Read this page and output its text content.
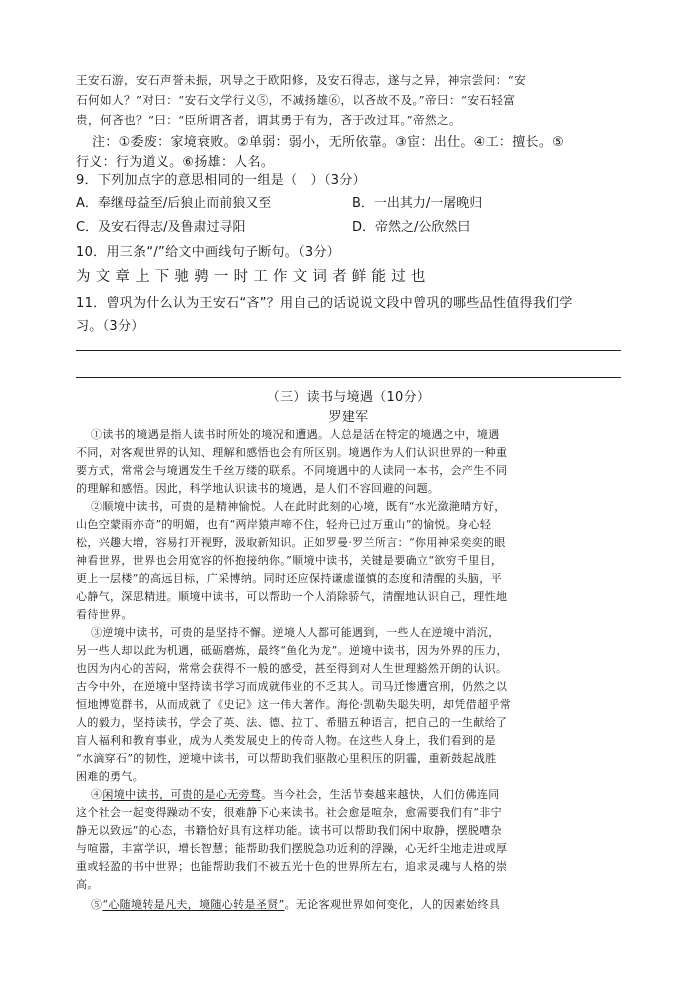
王安石游，安石声誉未振，巩导之于欧阳修，及安石得志，遂与之异，神宗尝问：“安
石何如人？”对曰：“安石文学行义⑤，不减扬雄⑥，以吝故不及。”帝曰：“安石轻富
贵，何吝也？”曰：“臣所谓吝者，谓其勇于有为，吝于改过耳。”帝然之。
注：①委废：家境衰败。②单弱：弱小，无所依靠。③宦：出仕。④工：擅长。⑤
行义：行为道义。⑥扬雄：人名。
9．下列加点字的意思相同的一组是（　）（3分）
A．奉继母益至/后狼止而前狼又至	B．一出其力/一屠晚归
C．及安石得志/及鲁肃过寻阳	D．帝然之/公欣然曰
10．用三条“/”给文中画线句子断句。（3分）
为文章上下驰骋一时工作文词者鲜能过也
11．曾巩为什么认为王安石“吝”？用自己的话说说文段中曾巩的哪些品性值得我们学
习。（3分）
（三）读书与境遇（10分）
罗建军
①读书的境遇是指人读书时所处的境况和遭遇。人总是活在特定的境遇之中，境遇
不同，对客观世界的认知、理解和感悟也会有所区别。境遇作为人们认识世界的一种重
要方式，常常会与境遇发生千丝万缕的联系。不同境遇中的人读同一本书，会产生不同
的理解和感悟。因此，科学地认识读书的境遇，是人们不容回避的问题。
②顺境中读书，可贵的是精神愉悦。人在此时此刻的心境，既有“水光潋滟晴方好，
山色空蒙雨亦奇”的明媚，也有“两岸猿声啼不住，轻舟已过万重山”的愉悦。身心轻
松，兴趣大增，容易打开视野，汲取新知识。正如罗曼·罗兰所言：“你用神采奕奕的眼
神看世界，世界也会用宽容的怀抱接纳你。”顺境中读书，关键是要确立“欲穷千里目，
更上一层楼”的高远目标，广采博纳。同时还应保持谦虚谨慎的态度和清醒的头脑，平
心静气，深思精进。顺境中读书，可以帮助一个人消除骄气，清醒地认识自己，理性地
看待世界。
③逆境中读书，可贵的是坚持不懈。逆境人人都可能遇到，一些人在逆境中消沉，
另一些人却以此为机遇，砥砺磨炼，最终“鱼化为龙”。逆境中读书，因为外界的压力，
也因为内心的苦闷，常常会获得不一般的感受，甚至得到对人生世理豁然开朗的认识。
古今中外，在逆境中坚持读书学习而成就伟业的不乏其人。司马迁惨遭宫刑，仍然之以
恒地博览群书，从而成就了《史记》这一伟大著作。海伦·凯勒失聪失明，却凭借超乎常
人的毅力，坚持读书，学会了英、法、德、拉丁、希腊五种语言，把自己的一生献给了
盲人福利和教育事业，成为人类发展史上的传奇人物。在这些人身上，我们看到的是
“水滴穿石”的韧性，逆境中读书，可以帮助我们驱散心里积压的阴霾，重新鼓起战胜
困难的勇气。
④闲境中读书，可贵的是心无旁骛。当今社会，生活节奏越来越快，人们仿佛连同
这个社会一起变得躁动不安，很难静下心来读书。社会愈是喧杂，愈需要我们有“非宁
静无以致远”的心态，书籍恰好具有这样功能。读书可以帮助我们闲中取静，摆脱嘈杂
与喧嚣，丰富学识，增长智慧；能帮助我们摆脱急功近利的浮躁，心无纤尘地走进或厚
重或轻盈的书中世界；也能帮助我们不被五光十色的世界所左右，追求灵魂与人格的崇
高。
⑤“心随境转是凡夫，境随心转是圣贤”。无论客观世界如何变化，人的因素始终具
